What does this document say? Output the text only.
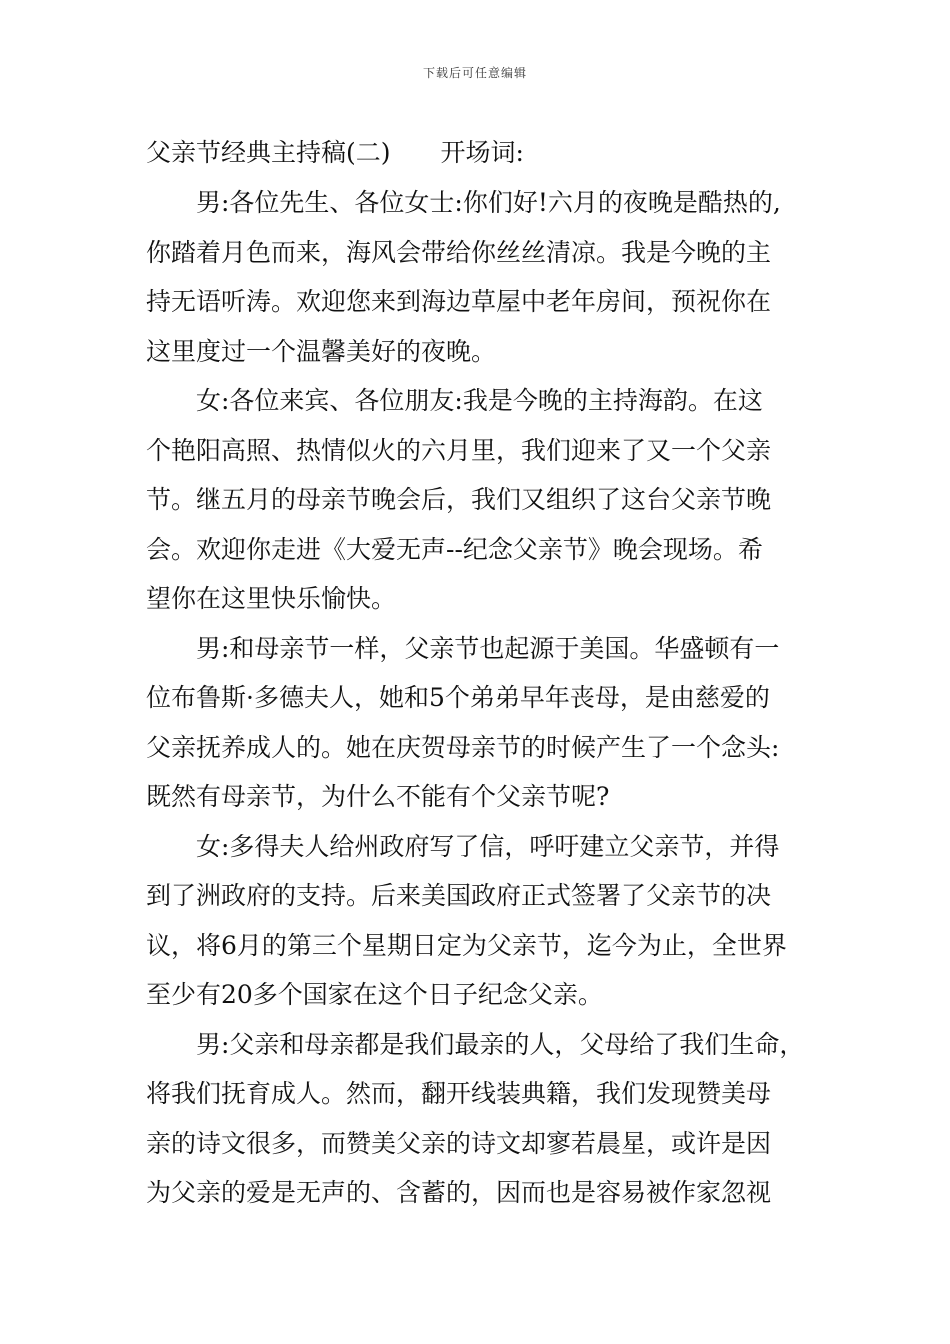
下载后可任意编辑
父亲节经典主持稿(二) 开场词:

男:各位先生、各位女士:你们好!六月的夜晚是酷热的,
你踏着月色而来，海风会带给你丝丝清凉。我是今晚的主
持无语听涛。欢迎您来到海边草屋中老年房间，预祝你在
这里度过一个温馨美好的夜晚。

女:各位来宾、各位朋友:我是今晚的主持海韵。在这
个艳阳高照、热情似火的六月里，我们迎来了又一个父亲
节。继五月的母亲节晚会后，我们又组织了这台父亲节晚
会。欢迎你走进《大爱无声--纪念父亲节》晚会现场。希
望你在这里快乐愉快。

男:和母亲节一样，父亲节也起源于美国。华盛顿有一
位布鲁斯·多德夫人，她和5个弟弟早年丧母，是由慈爱的
父亲抚养成人的。她在庆贺母亲节的时候产生了一个念头:
既然有母亲节，为什么不能有个父亲节呢?

女:多得夫人给州政府写了信，呼吁建立父亲节，并得
到了洲政府的支持。后来美国政府正式签署了父亲节的决
议，将6月的第三个星期日定为父亲节，迄今为止，全世界
至少有20多个国家在这个日子纪念父亲。

男:父亲和母亲都是我们最亲的人，父母给了我们生命，
将我们抚育成人。然而，翻开线装典籍，我们发现赞美母
亲的诗文很多，而赞美父亲的诗文却寥若晨星，或许是因
为父亲的爱是无声的、含蓄的，因而也是容易被作家忽视
